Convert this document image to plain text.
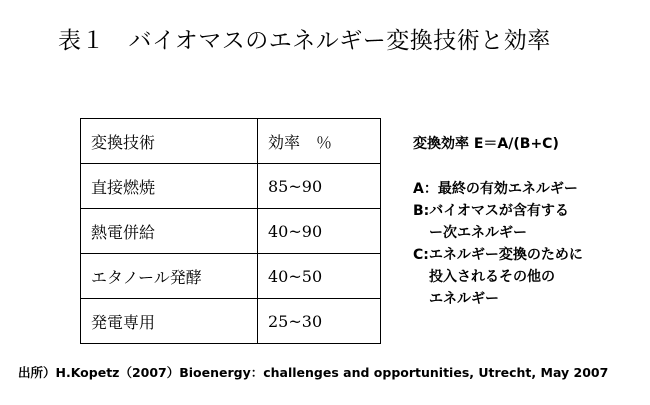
表１　バイオマスのエネルギー変換技術と効率
変換技術	効率　％
直接燃焼	85~90
熱電併給	40~90
エタノール発酵	40~50
発電専用	25~30
変換効率 E＝A/(B+C)
A：最終の有効エネルギー
B:バイオマスが含有する
ー次エネルギー
C:エネルギー変換のために
投入されるその他の
エネルギー
出所）H.Kopetz（2007）Bioenergy：challenges and opportunities, Utrecht, May 2007
